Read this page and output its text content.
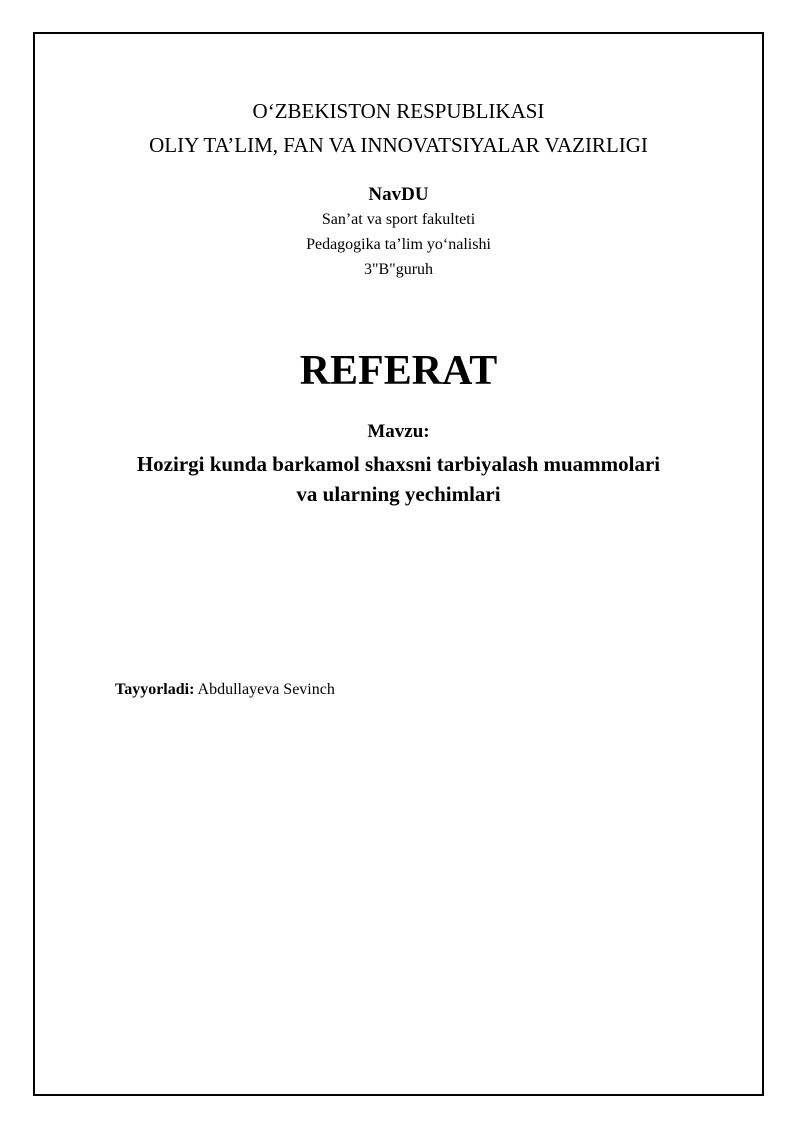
O‘ZBEKISTON RESPUBLIKASI
OLIY TA’LIM, FAN VA INNOVATSIYALAR VAZIRLIGI
NavDU
San’at va sport fakulteti
Pedagogika ta’lim yo‘nalishi
3"B"guruh
REFERAT
Mavzu:
Hozirgi kunda barkamol shaxsni tarbiyalash muammolari
va ularning yechimlari
Tayyorladi: Abdullayeva Sevinch
